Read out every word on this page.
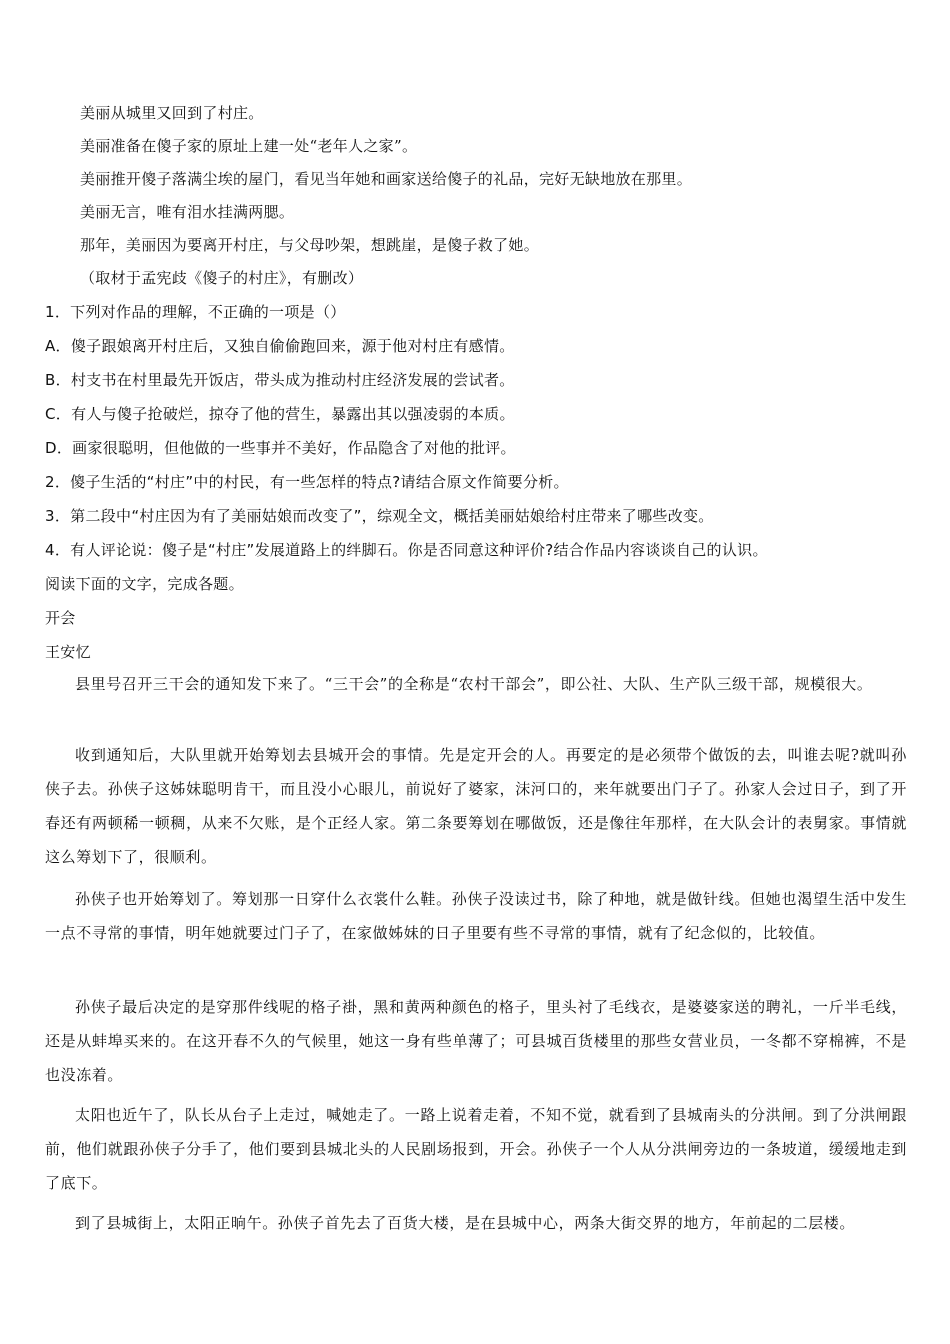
美丽从城里又回到了村庄。
美丽准备在傻子家的原址上建一处“老年人之家”。
美丽推开傻子落满尘埃的屋门，看见当年她和画家送给傻子的礼品，完好无缺地放在那里。
美丽无言，唯有泪水挂满两腮。
那年，美丽因为要离开村庄，与父母吵架，想跳崖，是傻子救了她。
（取材于孟宪歧《傻子的村庄》，有删改）
1．下列对作品的理解，不正确的一项是（）
A．傻子跟娘离开村庄后，又独自偷偷跑回来，源于他对村庄有感情。
B．村支书在村里最先开饭店，带头成为推动村庄经济发展的尝试者。
C．有人与傻子抢破烂，掠夺了他的营生，暴露出其以强凌弱的本质。
D．画家很聪明，但他做的一些事并不美好，作品隐含了对他的批评。
2．傻子生活的“村庄”中的村民，有一些怎样的特点?请结合原文作简要分析。
3．第二段中“村庄因为有了美丽姑娘而改变了”，综观全文，概括美丽姑娘给村庄带来了哪些改变。
4．有人评论说：傻子是“村庄”发展道路上的绊脚石。你是否同意这种评价?结合作品内容谈谈自己的认识。
阅读下面的文字，完成各题。
开会
王安忆

县里号召开三干会的通知发下来了。“三干会”的全称是“农村干部会”，即公社、大队、生产队三级干部，规模很大。

收到通知后，大队里就开始筹划去县城开会的事情。先是定开会的人。再要定的是必须带个做饭的去，叫谁去呢?就叫孙侠子去。孙侠子这姊妹聪明肯干，而且没小心眼儿，前说好了婆家，沫河口的，来年就要出门子了。孙家人会过日子，到了开春还有两顿稀一顿稠，从来不欠账，是个正经人家。第二条要筹划在哪做饭，还是像往年那样，在大队会计的表舅家。事情就这么筹划下了，很顺利。

孙侠子也开始筹划了。筹划那一日穿什么衣裳什么鞋。孙侠子没读过书，除了种地，就是做针线。但她也渴望生活中发生一点不寻常的事情，明年她就要过门子了，在家做姊妹的日子里要有些不寻常的事情，就有了纪念似的，比较值。

孙侠子最后决定的是穿那件线呢的格子褂，黑和黄两种颜色的格子，里头衬了毛线衣，是婆婆家送的聘礼，一斤半毛线，还是从蚌埠买来的。在这开春不久的气候里，她这一身有些单薄了；可县城百货楼里的那些女营业员，一冬都不穿棉裤，不是也没冻着。

太阳也近午了，队长从台子上走过，喊她走了。一路上说着走着，不知不觉，就看到了县城南头的分洪闸。到了分洪闸跟前，他们就跟孙侠子分手了，他们要到县城北头的人民剧场报到，开会。孙侠子一个人从分洪闸旁边的一条坡道，缓缓地走到了底下。

到了县城街上，太阳正晌午。孙侠子首先去了百货大楼，是在县城中心，两条大街交界的地方，年前起的二层楼。
